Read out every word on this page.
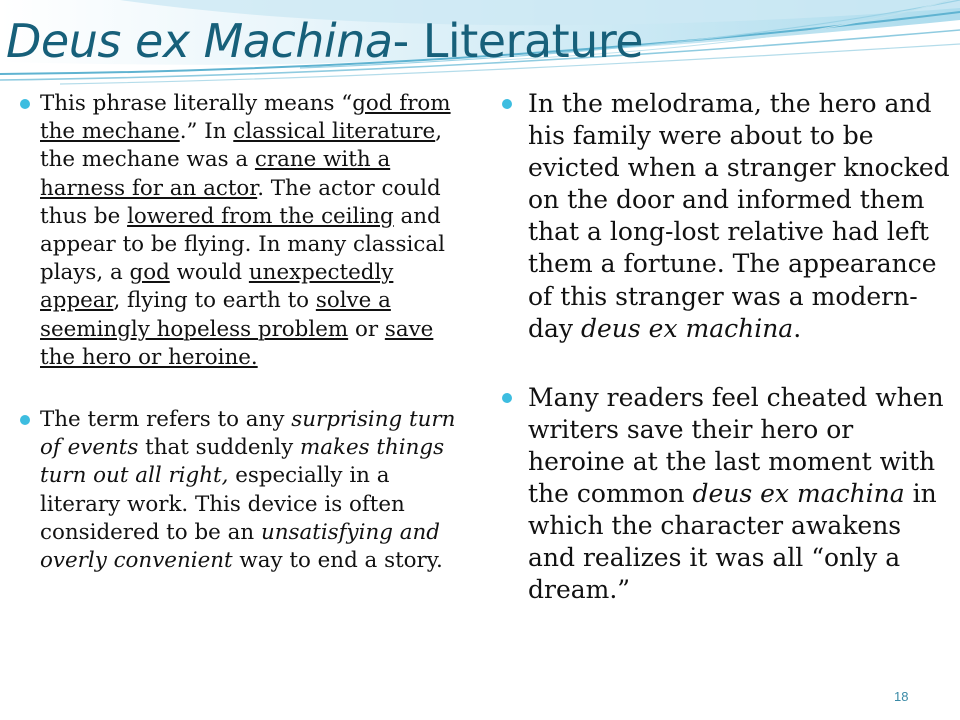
Deus ex Machina- Literature
This phrase literally means “god from the mechane.” In classical literature, the mechane was a crane with a harness for an actor. The actor could thus be lowered from the ceiling and appear to be flying. In many classical plays, a god would unexpectedly appear, flying to earth to solve a seemingly hopeless problem or save the hero or heroine.
The term refers to any surprising turn of events that suddenly makes things turn out all right, especially in a literary work. This device is often considered to be an unsatisfying and overly convenient way to end a story.
In the melodrama, the hero and his family were about to be evicted when a stranger knocked on the door and informed them that a long-lost relative had left them a fortune. The appearance of this stranger was a modern-day deus ex machina.
Many readers feel cheated when writers save their hero or heroine at the last moment with the common deus ex machina in which the character awakens and realizes it was all “only a dream.”
18
